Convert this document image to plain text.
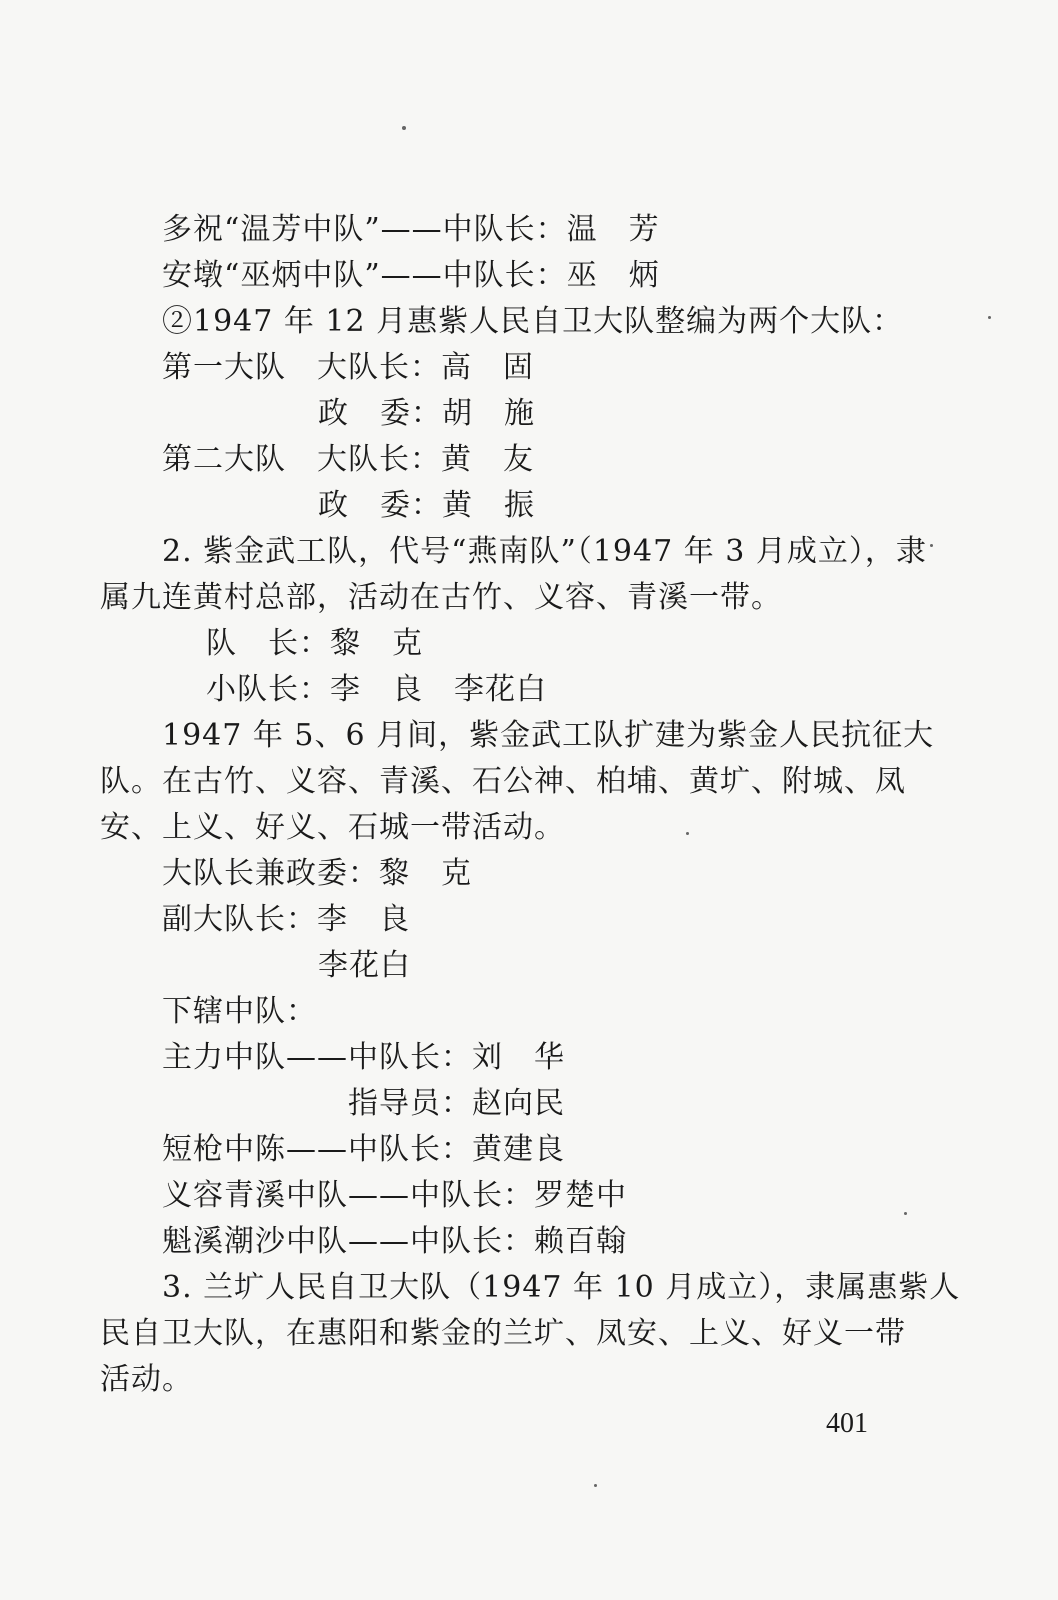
多祝“温芳中队”——中队长：温　芳
安墩“巫炳中队”——中队长：巫　炳
②1947 年 12 月惠紫人民自卫大队整编为两个大队：
第一大队　大队长：高　固
政　委：胡　施
第二大队　大队长：黄　友
政　委：黄　振
2. 紫金武工队，代号“燕南队”（1947 年 3 月成立），隶
属九连黄村总部，活动在古竹、义容、青溪一带。
队　长：黎　克
小队长：李　良　李花白
1947 年 5、6 月间，紫金武工队扩建为紫金人民抗征大
队。在古竹、义容、青溪、石公神、柏埔、黄圹、附城、凤
安、上义、好义、石城一带活动。
大队长兼政委：黎　克
副大队长：李　良
李花白
下辖中队：
主力中队——中队长：刘　华
指导员：赵向民
短枪中陈——中队长：黄建良
义容青溪中队——中队长：罗楚中
魁溪潮沙中队——中队长：赖百翰
3. 兰圹人民自卫大队（1947 年 10 月成立），隶属惠紫人
民自卫大队，在惠阳和紫金的兰圹、凤安、上义、好义一带
活动。
401
